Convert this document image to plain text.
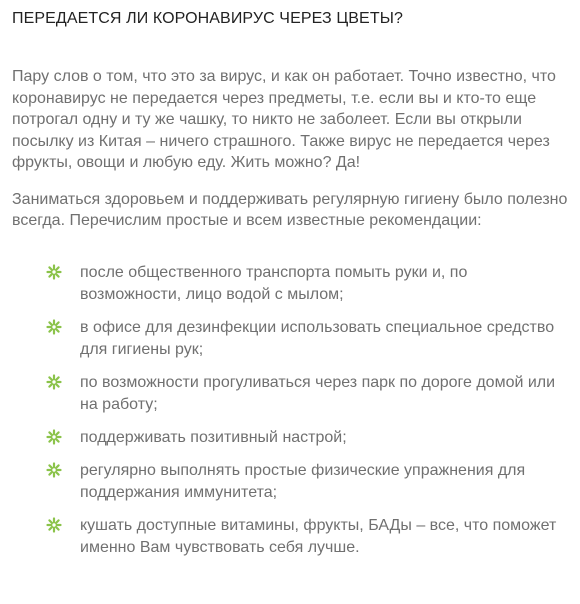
ПЕРЕДАЕТСЯ ЛИ КОРОНАВИРУС ЧЕРЕЗ ЦВЕТЫ?

Пару слов о том, что это за вирус, и как он работает. Точно известно, что коронавирус не передается через предметы, т.е. если вы и кто-то еще потрогал одну и ту же чашку, то никто не заболеет. Если вы открыли посылку из Китая – ничего страшного. Также вирус не передается через фрукты, овощи и любую еду. Жить можно? Да!

Заниматься здоровьем и поддерживать регулярную гигиену было полезно всегда. Перечислим простые и всем известные рекомендации:

после общественного транспорта помыть руки и, по возможности, лицо водой с мылом;
в офисе для дезинфекции использовать специальное средство для гигиены рук;
по возможности прогуливаться через парк по дороге домой или на работу;
поддерживать позитивный настрой;
регулярно выполнять простые физические упражнения для поддержания иммунитета;
кушать доступные витамины, фрукты, БАДы – все, что поможет именно Вам чувствовать себя лучше.
